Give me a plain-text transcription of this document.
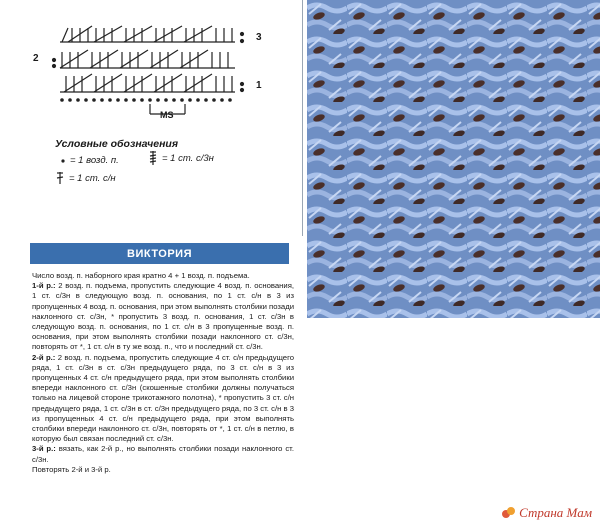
2
3
1
MS
Условные обозначения
= 1 возд. п.
= 1 ст. с/н
= 1 ст. с/3н
ВИКТОРИЯ

Число возд. п. наборного края кратно 4 + 1 возд. п. подъема.

1-й р.: 2 возд. п. подъема, пропустить следующие 4 возд. п. основания, 1 ст. с/3н в следующую возд. п. основания, по 1 ст. с/н в 3 из пропущенных 4 возд. п. основания, при этом выполнять столбики позади наклонного ст. с/3н, * пропустить 3 возд. п. основания, 1 ст. с/3н в следующую возд. п. основания, по 1 ст. с/н в 3 пропущенные возд. п. основания, при этом выполнять столбики позади наклонного ст. с/3н, повторять от *, 1 ст. с/н в ту же возд. п., что и последний ст. с/3н.

2-й р.: 2 возд. п. подъема, пропустить следующие 4 ст. с/н предыдущего ряда, 1 ст. с/3н в ст. с/3н предыдущего ряда, по 3 ст. с/н в 3 из пропущенных 4 ст. с/н предыдущего ряда, при этом выполнять столбики впереди наклонного ст. с/3н (скошенные столбики должны получаться только на лицевой стороне трикотажного полотна), * пропустить 3 ст. с/н предыдущего ряда, 1 ст. с/3н в ст. с/3н предыдущего ряда, по 3 ст. с/н в 3 из пропущенных 4 ст. с/н предыдущего ряда, при этом выполнять столбики впереди наклонного ст. с/3н, повторять от *, 1 ст. с/н в петлю, в которую был связан последний ст. с/3н.

3-й р.: вязать, как 2-й р., но выполнять столбики позади наклонного ст. с/3н.

Повторять 2-й и 3-й р.

Страна Мам
